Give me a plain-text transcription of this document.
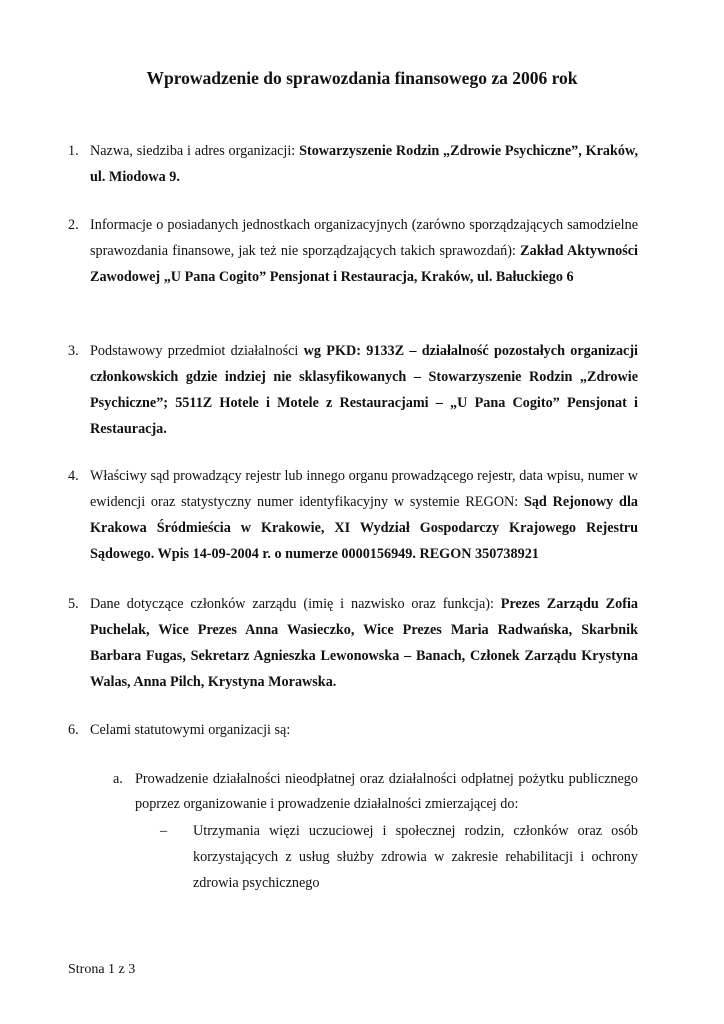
Wprowadzenie do sprawozdania finansowego za 2006 rok
1. Nazwa, siedziba i adres organizacji: Stowarzyszenie Rodzin „Zdrowie Psychiczne”, Kraków, ul. Miodowa 9.
2. Informacje o posiadanych jednostkach organizacyjnych (zarówno sporządzających samodzielne sprawozdania finansowe, jak też nie sporządzających takich sprawozdań): Zakład Aktywności Zawodowej „U Pana Cogito” Pensjonat i Restauracja, Kraków, ul. Bałuckiego 6
3. Podstawowy przedmiot działalności wg PKD: 9133Z – działalność pozostałych organizacji członkowskich gdzie indziej nie sklasyfikowanych – Stowarzyszenie Rodzin „Zdrowie Psychiczne”; 5511Z Hotele i Motele z Restauracjami – „U Pana Cogito” Pensjonat i Restauracja.
4. Właściwy sąd prowadzący rejestr lub innego organu prowadzącego rejestr, data wpisu, numer w ewidencji oraz statystyczny numer identyfikacyjny w systemie REGON: Sąd Rejonowy dla Krakowa Śródmieścia w Krakowie, XI Wydział Gospodarczy Krajowego Rejestru Sądowego. Wpis 14-09-2004 r. o numerze 0000156949. REGON 350738921
5. Dane dotyczące członków zarządu (imię i nazwisko oraz funkcja): Prezes Zarządu Zofia Puchelak, Wice Prezes Anna Wasieczko, Wice Prezes Maria Radwańska, Skarbnik Barbara Fugas, Sekretarz Agnieszka Lewonowska – Banach, Członek Zarządu Krystyna Walas, Anna Pilch, Krystyna Morawska.
6. Celami statutowymi organizacji są:
a. Prowadzenie działalności nieodpłatnej oraz działalności odpłatnej pożytku publicznego poprzez organizowanie i prowadzenie działalności zmierzającej do:
– Utrzymania więzi uczuciowej i społecznej rodzin, członków oraz osób korzystających z usług służby zdrowia w zakresie rehabilitacji i ochrony zdrowia psychicznego
Strona 1 z 3
